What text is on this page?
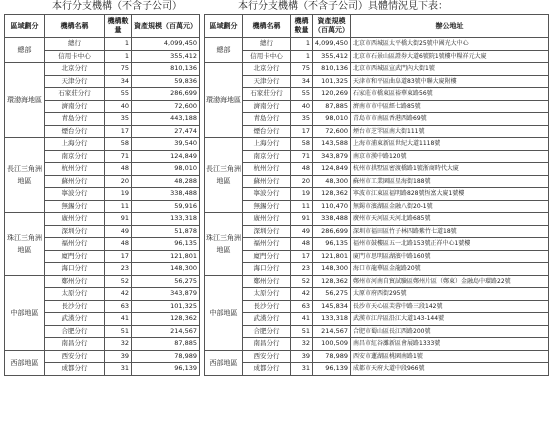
本行分支機構（不含子公司）	本行分支機構（不含子公司）具體情況見下表：
區域劃分	機構名稱	機構數量	資產規模（百萬元）
總部	總行	1	4,099,450
	信用卡中心	1	355,412
環渤海地區	北京分行	75	810,136
	天津分行	34	59,836
	石家莊分行	55	286,699
	濟南分行	40	72,600
	青島分行	35	443,188
	煙台分行	17	27,474
長江三角洲地區	上海分行	58	39,540
	南京分行	71	124,849
	杭州分行	48	98,010
	蘇州分行	20	48,288
	寧波分行	19	338,488
	無錫分行	11	59,916
珠江三角洲地區	廣州分行	91	133,318
	深圳分行	49	51,878
	福州分行	48	96,135
	廈門分行	17	121,801
	海口分行	23	148,300
中部地區	鄭州分行	52	56,275
	太原分行	42	343,879
	長沙分行	63	101,325
	武漢分行	41	128,362
	合肥分行	51	214,567
	南昌分行	32	87,885
西部地區	西安分行	39	78,989
	成都分行	31	96,139
區域劃分	機構名稱	機構數量	資產規模（百萬元）	辦公地址
總部	總行	1	4,099,450	北京市西城區太平橋大街25號中國光大中心
	信用卡中心	1	355,412	北京市石景山區證券大道6號院1號樓中糧祥元大廈
環渤海地區	北京分行	75	810,136	北京市西城區宣武門內大街1號
	天津分行	34	101,325	天津市和平區曲阜道83號中聯大廈附樓
	石家莊分行	55	120,269	石家莊市橋東區裕華東路56號
	濟南分行	40	87,885	濟南市市中區經七路85號
	青島分行	35	98,010	青島市市南區香港西路69號
	煙台分行	17	72,600	煙台市芝罘區南大街111號
長江三角洲地區	上海分行	58	143,588	上海市浦東新區世紀大道1118號
	南京分行	71	343,879	南京市漢中路120號
	杭州分行	48	124,849	杭州市拱墅區密渡橋路1號浙商時代大廈
	蘇州分行	20	48,300	蘇州市工業園區星海街188號
	寧波分行	19	128,362	寧波市江東區福明路828號恆富大廈1號樓
	無錫分行	11	110,470	無錫市濱湖區金融八街20-1號
珠江三角洲地區	廣州分行	91	338,488	廣州市天河區天河北路685號
	深圳分行	49	286,699	深圳市福田區竹子林四路紫竹七道18號
	福州分行	48	96,135	福州市鼓樓區五一北路153號正祥中心1號樓
	廈門分行	17	121,801	廈門市思明區湖濱中路160號
	海口分行	23	148,300	海口市龍華區金龍路20號
中部地區	鄭州分行	52	128,362	鄭州市河南自貿試驗區鄭州片區（鄭東）金融島中環路22號
	太原分行	42	56,275	太原市府西街295號
	長沙分行	63	145,834	長沙市天心區芙蓉中路三段142號
	武漢分行	41	133,318	武漢市江岸區沿江大道143-144號
	合肥分行	51	214,567	合肥市蜀山區長江西路200號
	南昌分行	32	100,509	南昌市紅谷灘新區會展路1333號
西部地區	西安分行	39	78,989	西安市蓮湖區桃園南路1號
	成都分行	31	96,139	成都市天府大道中段966號
